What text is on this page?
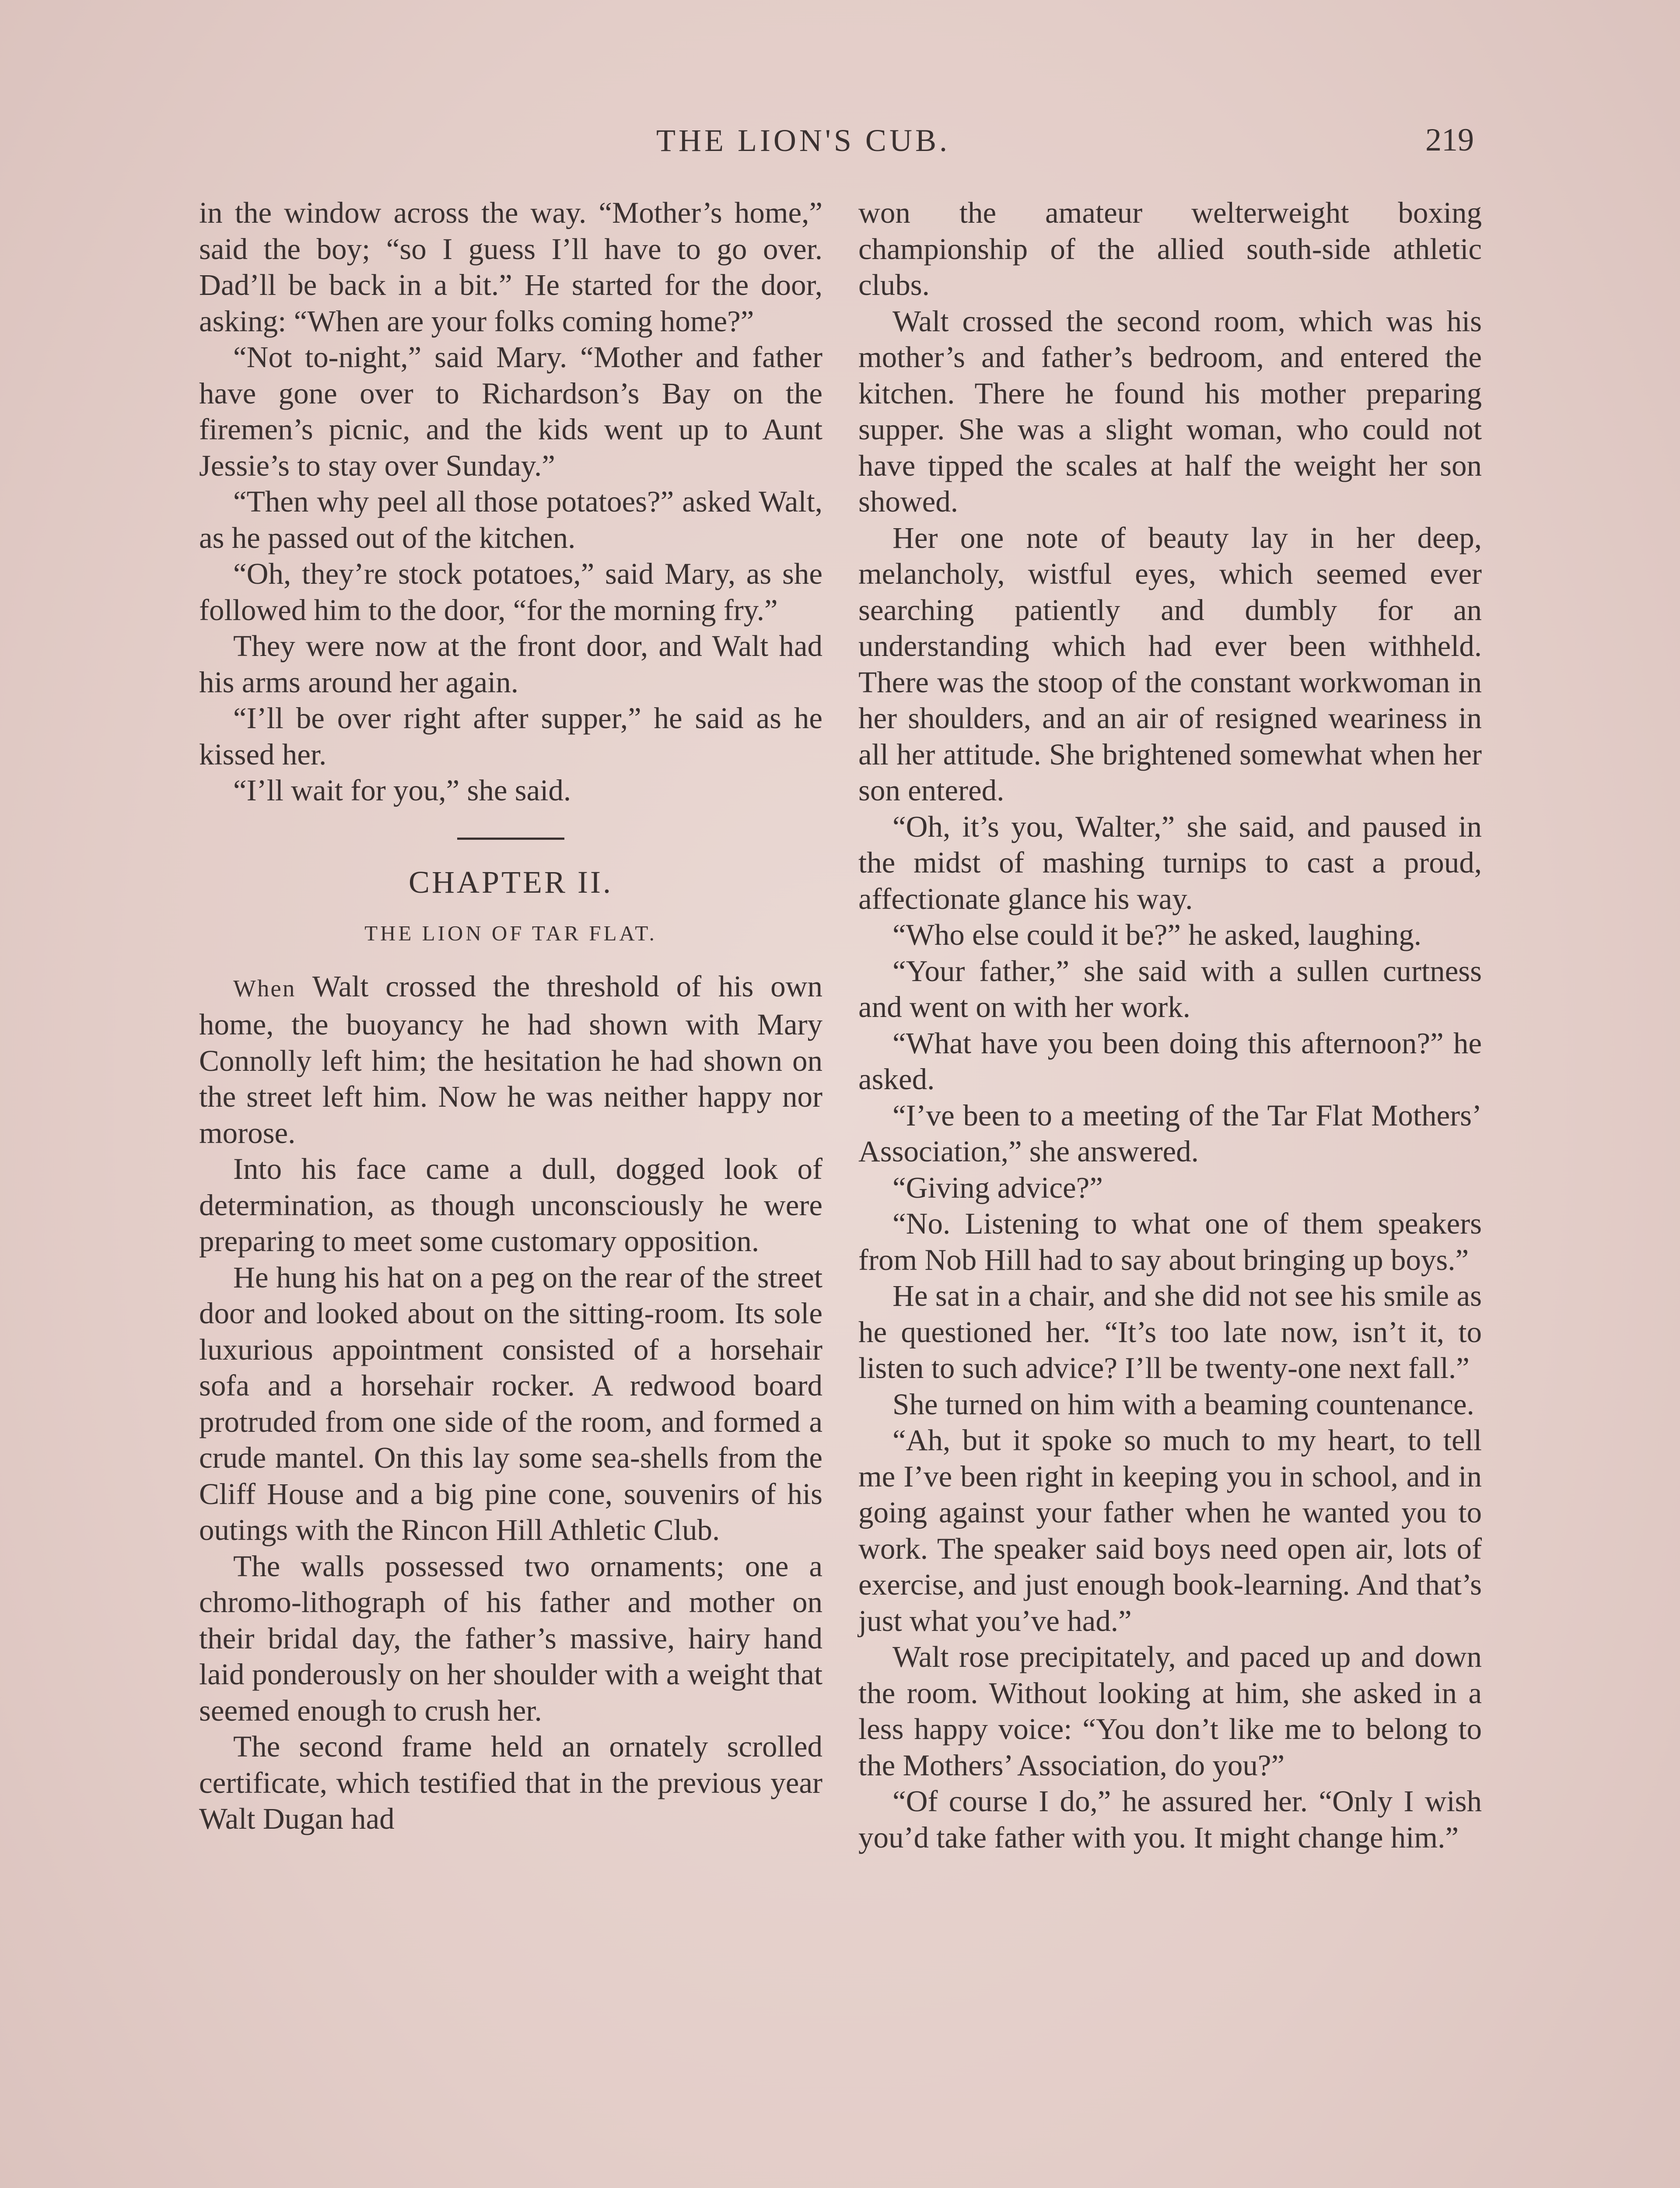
THE LION'S CUB.	219

in the window across the way. “Mother’s home,” said the boy; “so I guess I’ll have to go over. Dad’ll be back in a bit.” He started for the door, asking: “When are your folks coming home?”

“Not to-night,” said Mary. “Mother and father have gone over to Richardson’s Bay on the firemen’s picnic, and the kids went up to Aunt Jessie’s to stay over Sunday.”

“Then why peel all those potatoes?” asked Walt, as he passed out of the kitchen.

“Oh, they’re stock potatoes,” said Mary, as she followed him to the door, “for the morning fry.”

They were now at the front door, and Walt had his arms around her again.

“I’ll be over right after supper,” he said as he kissed her.

“I’ll wait for you,” she said.

CHAPTER II.
THE LION OF TAR FLAT.

When Walt crossed the threshold of his own home, the buoyancy he had shown with Mary Connolly left him; the hesitation he had shown on the street left him. Now he was neither happy nor morose.

Into his face came a dull, dogged look of determination, as though unconsciously he were preparing to meet some customary opposition.

He hung his hat on a peg on the rear of the street door and looked about on the sitting-room. Its sole luxurious appointment consisted of a horsehair sofa and a horsehair rocker. A redwood board protruded from one side of the room, and formed a crude mantel. On this lay some sea-shells from the Cliff House and a big pine cone, souvenirs of his outings with the Rincon Hill Athletic Club.

The walls possessed two ornaments; one a chromo-lithograph of his father and mother on their bridal day, the father’s massive, hairy hand laid ponderously on her shoulder with a weight that seemed enough to crush her.

The second frame held an ornately scrolled certificate, which testified that in the previous year Walt Dugan had

won the amateur welterweight boxing championship of the allied south-side athletic clubs.

Walt crossed the second room, which was his mother’s and father’s bedroom, and entered the kitchen. There he found his mother preparing supper. She was a slight woman, who could not have tipped the scales at half the weight her son showed.

Her one note of beauty lay in her deep, melancholy, wistful eyes, which seemed ever searching patiently and dumbly for an understanding which had ever been withheld. There was the stoop of the constant workwoman in her shoulders, and an air of resigned weariness in all her attitude. She brightened somewhat when her son entered.

“Oh, it’s you, Walter,” she said, and paused in the midst of mashing turnips to cast a proud, affectionate glance his way.

“Who else could it be?” he asked, laughing.

“Your father,” she said with a sullen curtness and went on with her work.

“What have you been doing this afternoon?” he asked.

“I’ve been to a meeting of the Tar Flat Mothers’ Association,” she answered.

“Giving advice?”

“No. Listening to what one of them speakers from Nob Hill had to say about bringing up boys.”

He sat in a chair, and she did not see his smile as he questioned her. “It’s too late now, isn’t it, to listen to such advice? I’ll be twenty-one next fall.”

She turned on him with a beaming countenance.

“Ah, but it spoke so much to my heart, to tell me I’ve been right in keeping you in school, and in going against your father when he wanted you to work. The speaker said boys need open air, lots of exercise, and just enough book-learning. And that’s just what you’ve had.”

Walt rose precipitately, and paced up and down the room. Without looking at him, she asked in a less happy voice: “You don’t like me to belong to the Mothers’ Association, do you?”

“Of course I do,” he assured her. “Only I wish you’d take father with you. It might change him.”
